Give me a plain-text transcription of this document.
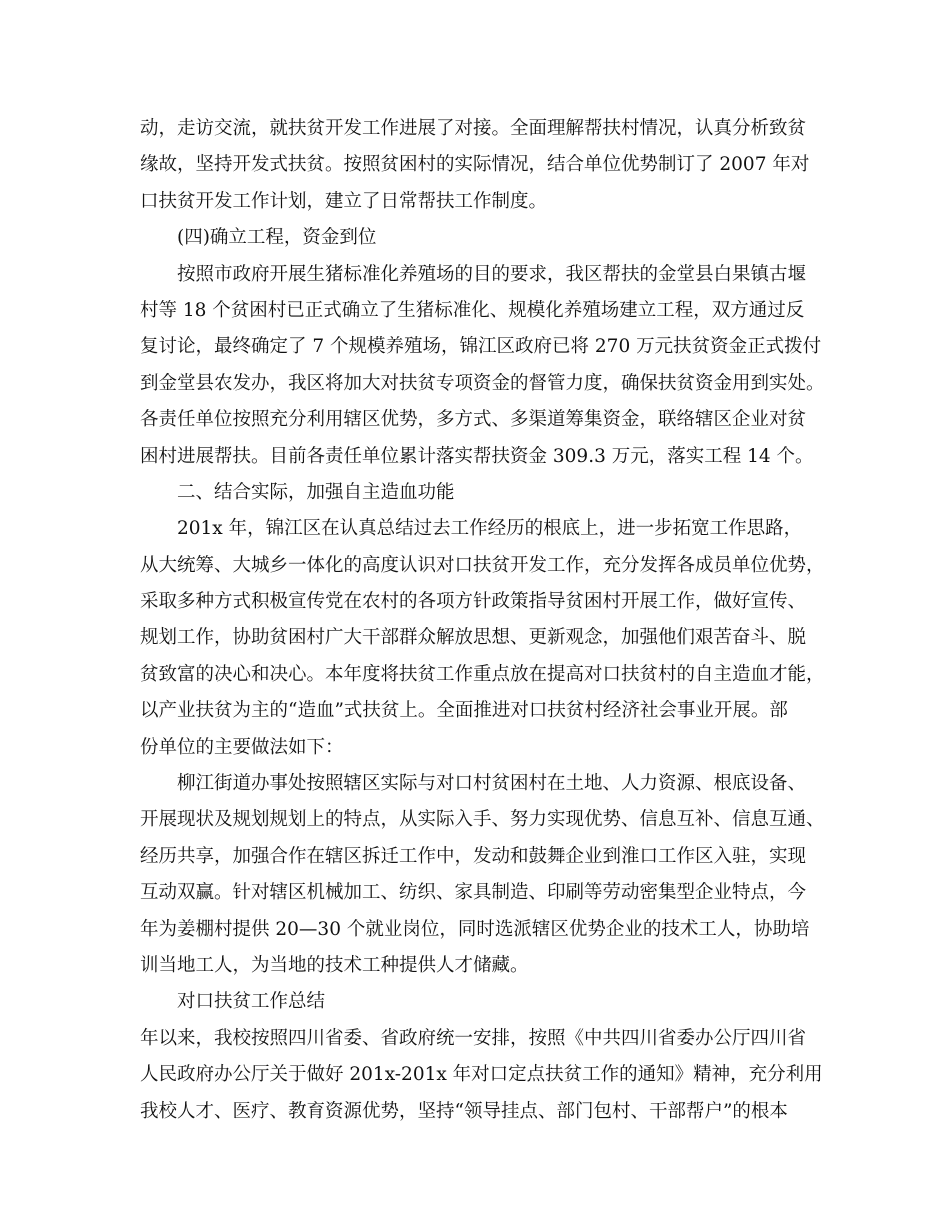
动，走访交流，就扶贫开发工作进展了对接。全面理解帮扶村情况，认真分析致贫
缘故，坚持开发式扶贫。按照贫困村的实际情况，结合单位优势制订了 2007 年对
口扶贫开发工作计划，建立了日常帮扶工作制度。
(四)确立工程，资金到位
按照市政府开展生猪标准化养殖场的目的要求，我区帮扶的金堂县白果镇古堰
村等 18 个贫困村已正式确立了生猪标准化、规模化养殖场建立工程，双方通过反
复讨论，最终确定了 7 个规模养殖场，锦江区政府已将 270 万元扶贫资金正式拨付
到金堂县农发办，我区将加大对扶贫专项资金的督管力度，确保扶贫资金用到实处。
各责任单位按照充分利用辖区优势，多方式、多渠道筹集资金，联络辖区企业对贫
困村进展帮扶。目前各责任单位累计落实帮扶资金 309.3 万元，落实工程 14 个。
二、结合实际，加强自主造血功能
201x 年，锦江区在认真总结过去工作经历的根底上，进一步拓宽工作思路，
从大统筹、大城乡一体化的高度认识对口扶贫开发工作，充分发挥各成员单位优势，
采取多种方式积极宣传党在农村的各项方针政策指导贫困村开展工作，做好宣传、
规划工作，协助贫困村广大干部群众解放思想、更新观念，加强他们艰苦奋斗、脱
贫致富的决心和决心。本年度将扶贫工作重点放在提高对口扶贫村的自主造血才能，
以产业扶贫为主的“造血”式扶贫上。全面推进对口扶贫村经济社会事业开展。部
份单位的主要做法如下：
柳江街道办事处按照辖区实际与对口村贫困村在土地、人力资源、根底设备、
开展现状及规划规划上的特点，从实际入手、努力实现优势、信息互补、信息互通、
经历共享，加强合作在辖区拆迁工作中，发动和鼓舞企业到淮口工作区入驻，实现
互动双赢。针对辖区机械加工、纺织、家具制造、印刷等劳动密集型企业特点，今
年为姜棚村提供 20—30 个就业岗位，同时选派辖区优势企业的技术工人，协助培
训当地工人，为当地的技术工种提供人才储藏。
对口扶贫工作总结
年以来，我校按照四川省委、省政府统一安排，按照《中共四川省委办公厅四川省
人民政府办公厅关于做好 201x-201x 年对口定点扶贫工作的通知》精神，充分利用
我校人才、医疗、教育资源优势，坚持“领导挂点、部门包村、干部帮户”的根本
